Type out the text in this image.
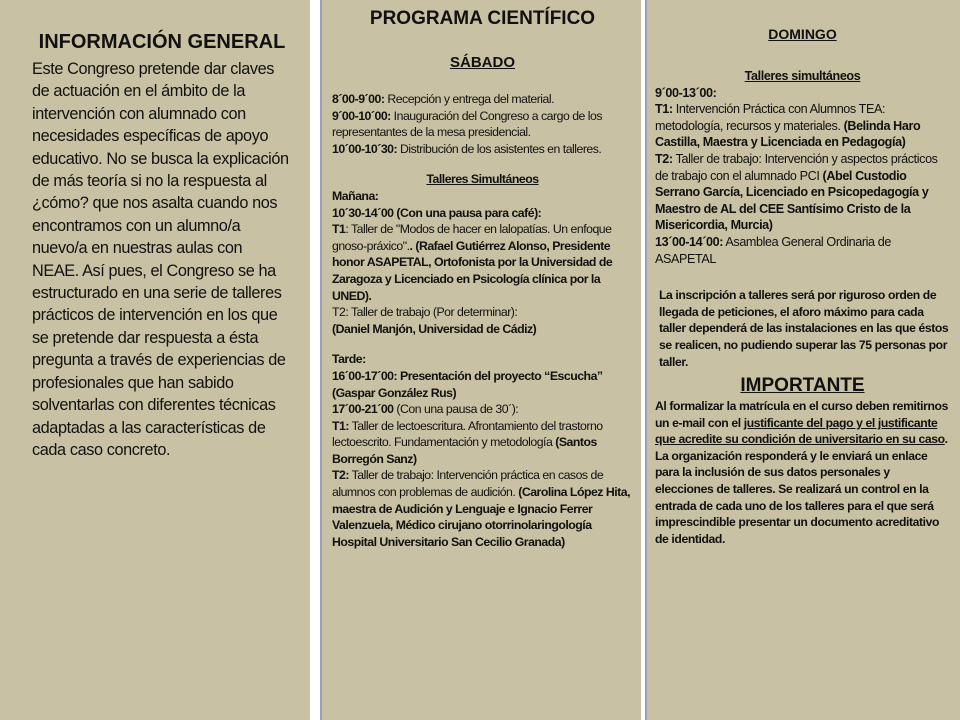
INFORMACIÓN GENERAL

Este Congreso pretende dar claves de actuación en el ámbito de la intervención con alumnado con necesidades específicas de apoyo educativo. No se busca la explicación de más teoría si no la respuesta al ¿cómo? que nos asalta cuando nos encontramos con un alumno/a nuevo/a en nuestras aulas con NEAE. Así pues, el Congreso se ha estructurado en una serie de talleres prácticos de intervención en los que se pretende dar respuesta a ésta pregunta a través de experiencias de profesionales que han sabido solventarlas con diferentes técnicas adaptadas a las características de cada caso concreto.

PROGRAMA CIENTÍFICO
SÁBADO

8´00-9´00: Recepción y entrega del material.

9´00-10´00: Inauguración del Congreso a cargo de los representantes de la mesa presidencial.

10´00-10´30: Distribución de los asistentes en talleres.

Talleres Simultáneos

Mañana:

10´30-14´00 (Con una pausa para café):

T1: Taller de "Modos de hacer en lalopatías. Un enfoque gnoso-práxico".. (Rafael Gutiérrez Alonso, Presidente honor ASAPETAL, Ortofonista por la Universidad de Zaragoza y Licenciado en Psicología clínica por la UNED).

T2: Taller de trabajo (Por determinar):
(Daniel Manjón, Universidad de Cádiz)

Tarde:

16´00-17´00: Presentación del proyecto “Escucha” (Gaspar González Rus)

17´00-21´00 (Con una pausa de 30´):

T1: Taller de lectoescritura. Afrontamiento del trastorno lectoescrito. Fundamentación y metodología (Santos Borregón Sanz)

T2: Taller de trabajo: Intervención práctica en casos de alumnos con problemas de audición. (Carolina López Hita, maestra de Audición y Lenguaje e Ignacio Ferrer Valenzuela, Médico cirujano otorrinolaringología Hospital Universitario San Cecilio Granada)

DOMINGO
Talleres simultáneos

9´00-13´00:

T1: Intervención Práctica con Alumnos TEA: metodología, recursos y materiales. (Belinda Haro Castilla, Maestra y Licenciada en Pedagogía)

T2: Taller de trabajo: Intervención y aspectos prácticos de trabajo con el alumnado PCI (Abel Custodio Serrano García, Licenciado en Psicopedagogía y Maestro de AL del CEE Santísimo Cristo de la Misericordia, Murcia)

13´00-14´00: Asamblea General Ordinaria de ASAPETAL

La inscripción a talleres será por riguroso orden de llegada de peticiones, el aforo máximo para cada taller dependerá de las instalaciones en las que éstos se realicen, no pudiendo superar las 75 personas por taller.

IMPORTANTE

Al formalizar la matrícula en el curso deben remitirnos un e-mail con el justificante del pago y el justificante que acredite su condición de universitario en su caso. La organización responderá y le enviará un enlace para la inclusión de sus datos personales y elecciones de talleres. Se realizará un control en la entrada de cada uno de los talleres para el que será imprescindible presentar un documento acreditativo de identidad.
